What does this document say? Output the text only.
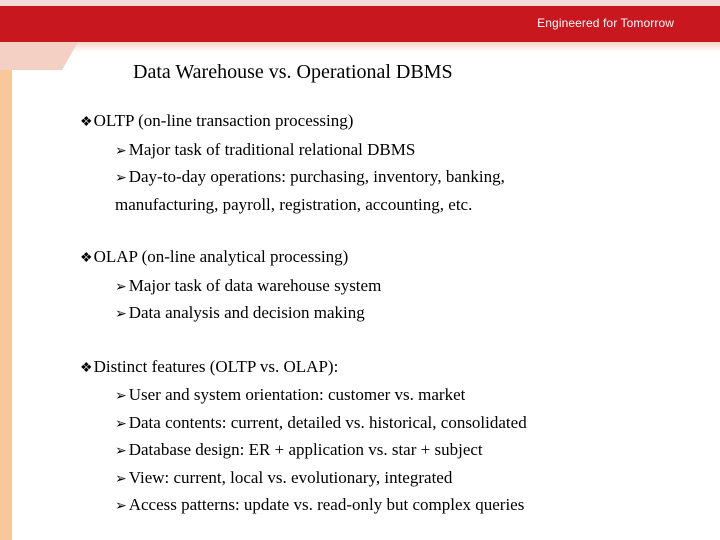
Engineered for Tomorrow
Data Warehouse vs. Operational DBMS
❖OLTP (on-line transaction processing)
➢ Major task of traditional relational DBMS
➢ Day-to-day operations: purchasing, inventory, banking,
manufacturing, payroll, registration, accounting, etc.
❖OLAP (on-line analytical processing)
➢ Major task of data warehouse system
➢ Data analysis and decision making
❖Distinct features (OLTP vs. OLAP):
➢ User and system orientation: customer vs. market
➢ Data contents: current, detailed vs. historical, consolidated
➢ Database design: ER + application vs. star + subject
➢ View: current, local vs. evolutionary, integrated
➢ Access patterns: update vs. read-only but complex queries
